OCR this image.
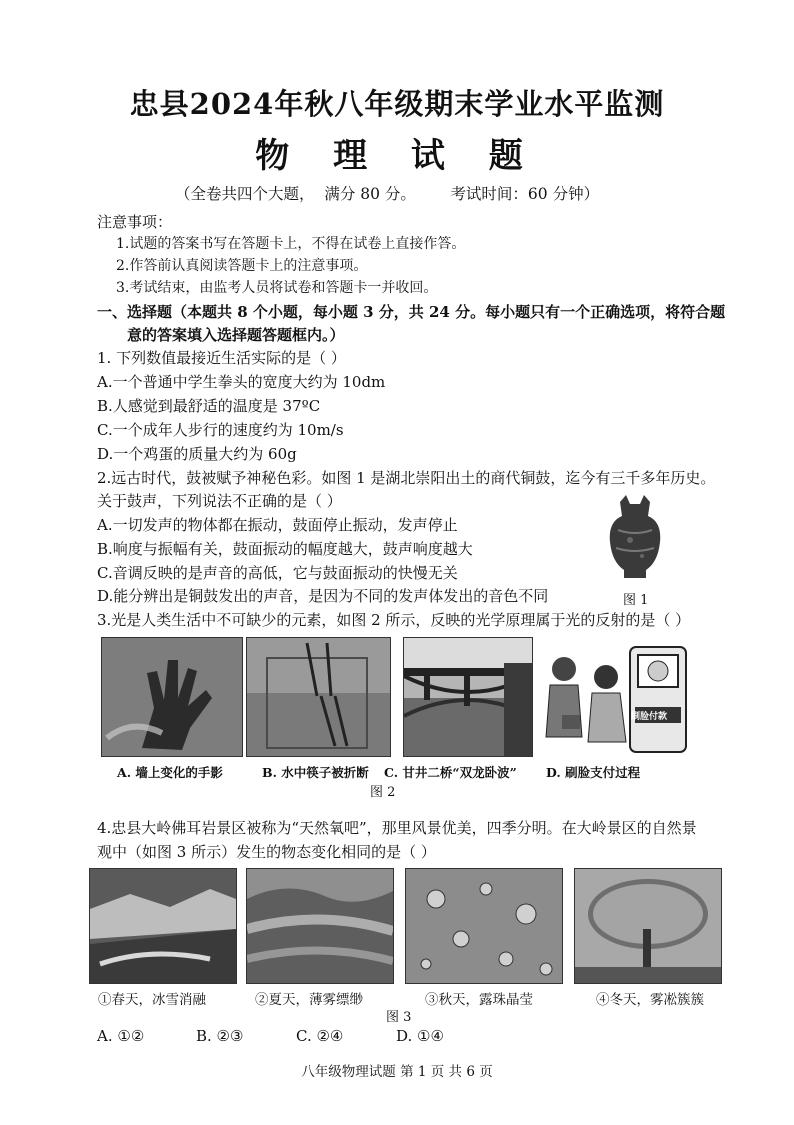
忠县2024年秋八年级期末学业水平监测
物 理 试 题
（全卷共四个大题，  满分 80 分。       考试时间：60 分钟）
注意事项：
1.试题的答案书写在答题卡上，不得在试卷上直接作答。
2.作答前认真阅读答题卡上的注意事项。
3.考试结束，由监考人员将试卷和答题卡一并收回。
一、选择题（本题共 8 个小题，每小题 3 分，共 24 分。每小题只有一个正确选项，将符合题
意的答案填入选择题答题框内。）
1. 下列数值最接近生活实际的是（ ）
A.一个普通中学生拳头的宽度大约为 10dm
B.人感觉到最舒适的温度是 37ºC
C.一个成年人步行的速度约为 10m/s
D.一个鸡蛋的质量大约为 60g
2.远古时代，鼓被赋予神秘色彩。如图 1 是湖北崇阳出土的商代铜鼓，迄今有三千多年历史。
关于鼓声，下列说法不正确的是（ ）
A.一切发声的物体都在振动，鼓面停止振动，发声停止
B.响度与振幅有关，鼓面振动的幅度越大，鼓声响度越大
C.音调反映的是声音的高低，它与鼓面振动的快慢无关
D.能分辨出是铜鼓发出的声音，是因为不同的发声体发出的音色不同	图 1
3.光是人类生活中不可缺少的元素，如图 2 所示，反映的光学原理属于光的反射的是（ ）
刷脸付款
A. 墙上变化的手影	B. 水中筷子被折断 C. 甘井二桥“双龙卧波” D. 刷脸支付过程
图 2
4.忠县大岭佛耳岩景区被称为“天然氧吧”，那里风景优美，四季分明。在大岭景区的自然景
观中（如图 3 所示）发生的物态变化相同的是（ ）
①春天，冰雪消融	②夏天，薄雾缥缈	③秋天，露珠晶莹	④冬天，雾凇簇簇
图 3
A. ①②	B. ②③	C. ②④	D. ①④
八年级物理试题 第 1 页 共 6 页
